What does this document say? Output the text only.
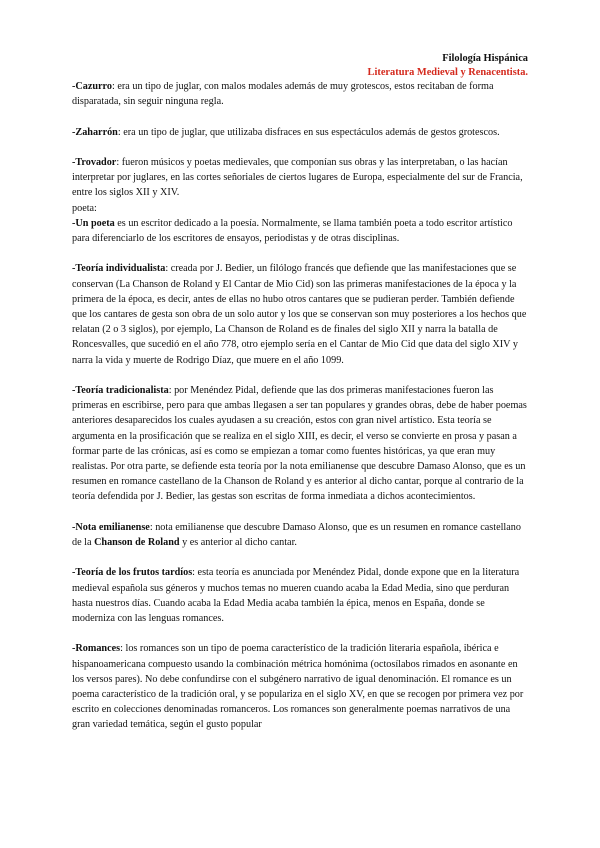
Filología Hispánica
Literatura Medieval y Renacentista.

-Cazurro: era un tipo de juglar, con malos modales además de muy grotescos, estos recitaban de forma disparatada, sin seguir ninguna regla.

-Zaharrón: era un tipo de juglar, que utilizaba disfraces en sus espectáculos además de gestos grotescos.

-Trovador: fueron músicos y poetas medievales, que componían sus obras y las interpretaban, o las hacían interpretar por juglares, en las cortes señoriales de ciertos lugares de Europa, especialmente del sur de Francia, entre los siglos XII y XIV.
poeta:

-Un poeta es un escritor dedicado a la poesía. Normalmente, se llama también poeta a todo escritor artístico para diferenciarlo de los escritores de ensayos, periodistas y de otras disciplinas.

-Teoría individualista: creada por J. Bedier, un filólogo francés que defiende que las manifestaciones que se conservan (La Chanson de Roland y El Cantar de Mio Cid) son las primeras manifestaciones de la época y la primera de la época, es decir, antes de ellas no hubo otros cantares que se pudieran perder. También defiende que los cantares de gesta son obra de un solo autor y los que se conservan son muy posteriores a los hechos que relatan (2 o 3 siglos), por ejemplo, La Chanson de Roland es de finales del siglo XII y narra la batalla de Roncesvalles, que sucedió en el año 778, otro ejemplo sería en el Cantar de Mio Cid que data del siglo XIV y narra la vida y muerte de Rodrigo Díaz, que muere en el año 1099.

-Teoría tradicionalista: por Menéndez Pidal, defiende que las dos primeras manifestaciones fueron las primeras en escribirse, pero para que ambas llegasen a ser tan populares y grandes obras, debe de haber poemas anteriores desaparecidos los cuales ayudasen a su creación, estos con gran nivel artístico. Esta teoría se argumenta en la prosificación que se realiza en el siglo XIII, es decir, el verso se convierte en prosa y pasan a formar parte de las crónicas, así es como se empiezan a tomar como fuentes históricas, ya que eran muy realistas. Por otra parte, se defiende esta teoría por la nota emilianense que descubre Damaso Alonso, que es un resumen en romance castellano de la Chanson de Roland y es anterior al dicho cantar, porque al contrario de la teoría defendida por J. Bedier, las gestas son escritas de forma inmediata a dichos acontecimientos.

-Nota emilianense: nota emilianense que descubre Damaso Alonso, que es un resumen en romance castellano de la Chanson de Roland y es anterior al dicho cantar.

-Teoría de los frutos tardíos: esta teoría es anunciada por Menéndez Pidal, donde expone que en la literatura medieval española sus géneros y muchos temas no mueren cuando acaba la Edad Media, sino que perduran hasta nuestros días. Cuando acaba la Edad Media acaba también la épica, menos en España, donde se moderniza con las lenguas romances.

-Romances: los romances son un tipo de poema característico de la tradición literaria española, ibérica e hispanoamericana compuesto usando la combinación métrica homónima (octosílabos rimados en asonante en los versos pares). No debe confundirse con el subgénero narrativo de igual denominación. El romance es un poema característico de la tradición oral, y se populariza en el siglo XV, en que se recogen por primera vez por escrito en colecciones denominadas romanceros. Los romances son generalmente poemas narrativos de una gran variedad temática, según el gusto popular
